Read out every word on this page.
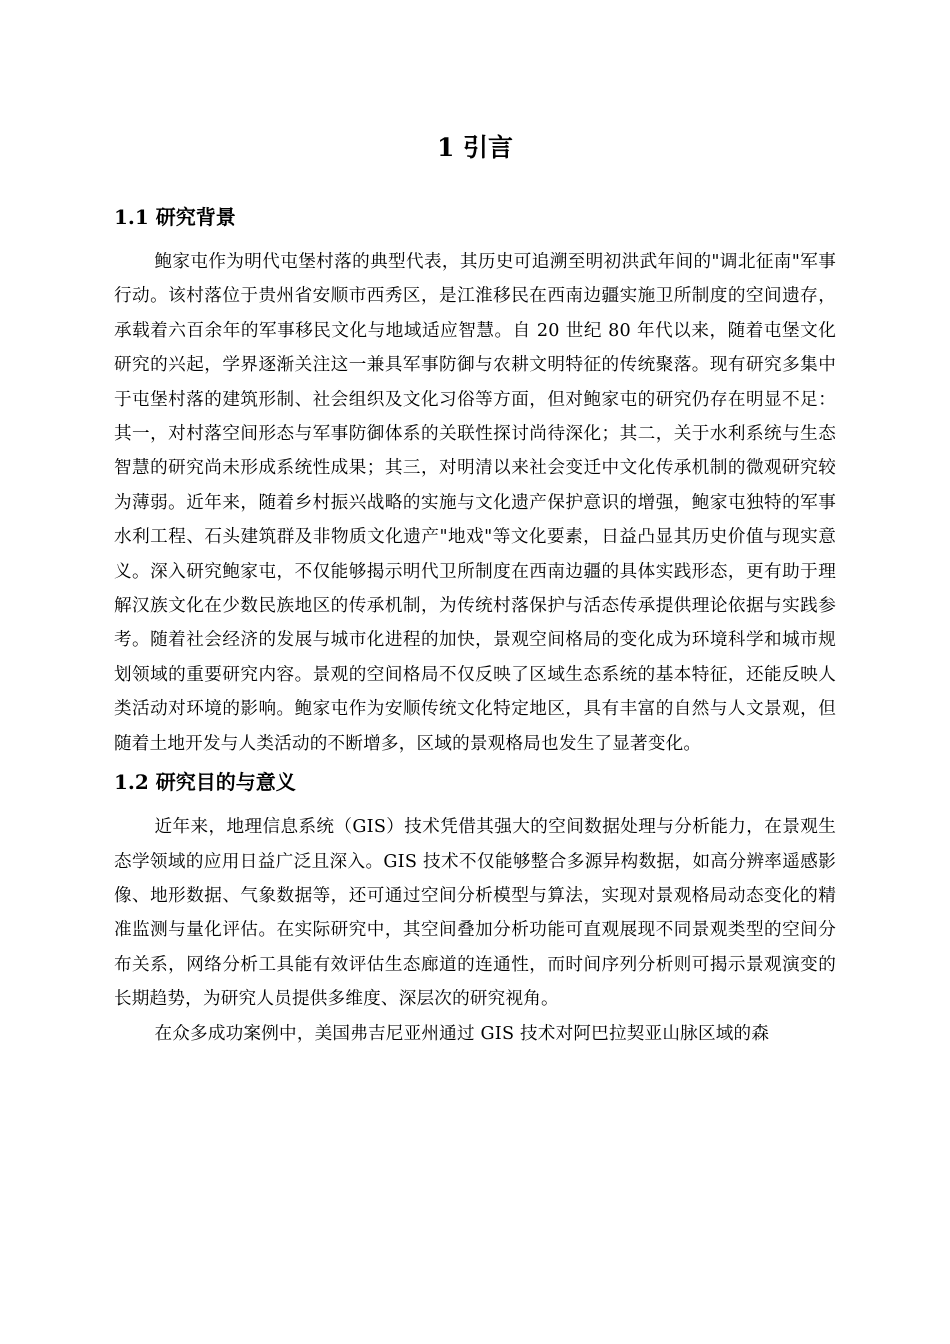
1 引言
1.1 研究背景

鲍家屯作为明代屯堡村落的典型代表，其历史可追溯至明初洪武年间的"调北征南"军事行动。该村落位于贵州省安顺市西秀区，是江淮移民在西南边疆实施卫所制度的空间遗存，承载着六百余年的军事移民文化与地域适应智慧。自 20 世纪 80 年代以来，随着屯堡文化研究的兴起，学界逐渐关注这一兼具军事防御与农耕文明特征的传统聚落。现有研究多集中于屯堡村落的建筑形制、社会组织及文化习俗等方面，但对鲍家屯的研究仍存在明显不足：其一，对村落空间形态与军事防御体系的关联性探讨尚待深化；其二，关于水利系统与生态智慧的研究尚未形成系统性成果；其三，对明清以来社会变迁中文化传承机制的微观研究较为薄弱。近年来，随着乡村振兴战略的实施与文化遗产保护意识的增强，鲍家屯独特的军事水利工程、石头建筑群及非物质文化遗产"地戏"等文化要素，日益凸显其历史价值与现实意义。深入研究鲍家屯，不仅能够揭示明代卫所制度在西南边疆的具体实践形态，更有助于理解汉族文化在少数民族地区的传承机制，为传统村落保护与活态传承提供理论依据与实践参考。随着社会经济的发展与城市化进程的加快，景观空间格局的变化成为环境科学和城市规划领域的重要研究内容。景观的空间格局不仅反映了区域生态系统的基本特征，还能反映人类活动对环境的影响。鲍家屯作为安顺传统文化特定地区，具有丰富的自然与人文景观，但随着土地开发与人类活动的不断增多，区域的景观格局也发生了显著变化。

1.2 研究目的与意义

近年来，地理信息系统（GIS）技术凭借其强大的空间数据处理与分析能力，在景观生态学领域的应用日益广泛且深入。GIS 技术不仅能够整合多源异构数据，如高分辨率遥感影像、地形数据、气象数据等，还可通过空间分析模型与算法，实现对景观格局动态变化的精准监测与量化评估。在实际研究中，其空间叠加分析功能可直观展现不同景观类型的空间分布关系，网络分析工具能有效评估生态廊道的连通性，而时间序列分析则可揭示景观演变的长期趋势，为研究人员提供多维度、深层次的研究视角。

在众多成功案例中，美国弗吉尼亚州通过 GIS 技术对阿巴拉契亚山脉区域的森
